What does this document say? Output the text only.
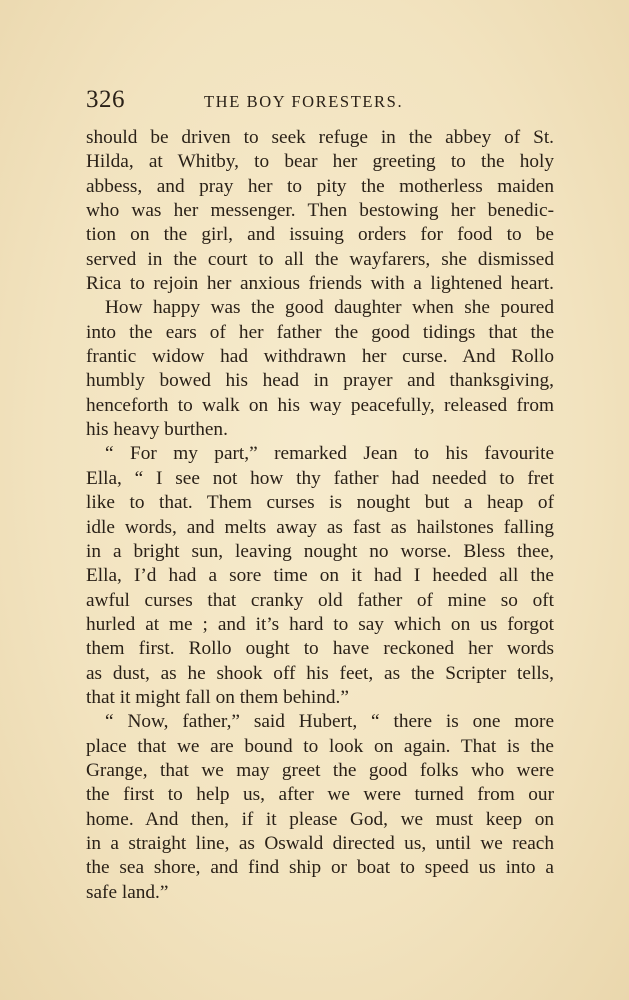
326	THE BOY FORESTERS.
should be driven to seek refuge in the abbey of St.
Hilda, at Whitby, to bear her greeting to the holy
abbess, and pray her to pity the motherless maiden
who was her messenger. Then bestowing her benedic-
tion on the girl, and issuing orders for food to be
served in the court to all the wayfarers, she dismissed
Rica to rejoin her anxious friends with a lightened heart.
How happy was the good daughter when she poured
into the ears of her father the good tidings that the
frantic widow had withdrawn her curse. And Rollo
humbly bowed his head in prayer and thanksgiving,
henceforth to walk on his way peacefully, released from
his heavy burthen.
“ For my part,” remarked Jean to his favourite
Ella, “ I see not how thy father had needed to fret
like to that. Them curses is nought but a heap of
idle words, and melts away as fast as hailstones falling
in a bright sun, leaving nought no worse. Bless thee,
Ella, I’d had a sore time on it had I heeded all the
awful curses that cranky old father of mine so oft
hurled at me ; and it’s hard to say which on us forgot
them first. Rollo ought to have reckoned her words
as dust, as he shook off his feet, as the Scripter tells,
that it might fall on them behind.”
“ Now, father,” said Hubert, “ there is one more
place that we are bound to look on again. That is the
Grange, that we may greet the good folks who were
the first to help us, after we were turned from our
home. And then, if it please God, we must keep on
in a straight line, as Oswald directed us, until we reach
the sea shore, and find ship or boat to speed us into a
safe land.”
